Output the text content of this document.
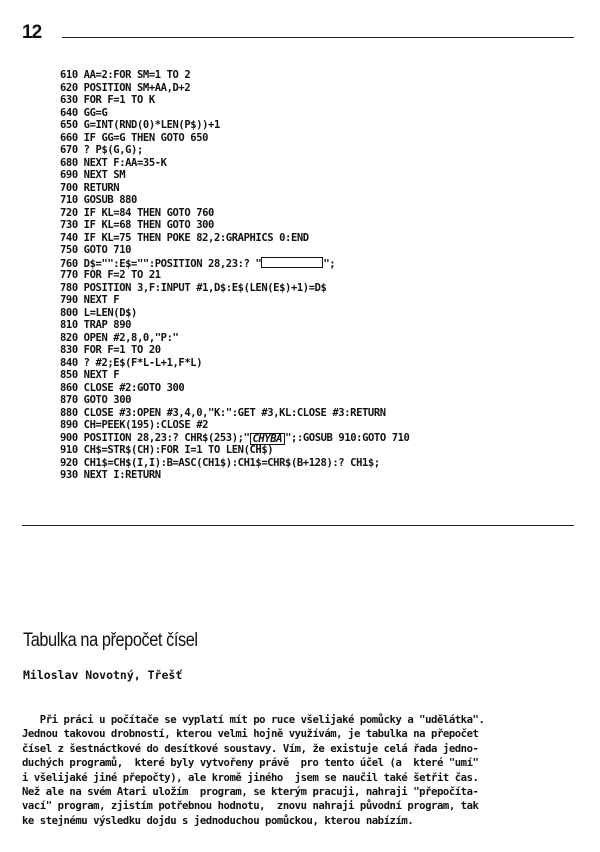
12
610 AA=2:FOR SM=1 TO 2
620 POSITION SM+AA,D+2
630 FOR F=1 TO K
640 GG=G
650 G=INT(RND(0)*LEN(P$))+1
660 IF GG=G THEN GOTO 650
670 ? P$(G,G);
680 NEXT F:AA=35-K
690 NEXT SM
700 RETURN
710 GOSUB 880
720 IF KL=84 THEN GOTO 760
730 IF KL=68 THEN GOTO 300
740 IF KL=75 THEN POKE 82,2:GRAPHICS 0:END
750 GOTO 710
760 D$="":E$="":POSITION 28,23:? "	";
770 FOR F=2 TO 21
780 POSITION 3,F:INPUT #1,D$:E$(LEN(E$)+1)=D$
790 NEXT F
800 L=LEN(D$)
810 TRAP 890
820 OPEN #2,8,0,"P:"
830 FOR F=1 TO 20
840 ? #2;E$(F*L-L+1,F*L)
850 NEXT F
860 CLOSE #2:GOTO 300
870 GOTO 300
880 CLOSE #3:OPEN #3,4,0,"K:":GET #3,KL:CLOSE #3:RETURN
890 CH=PEEK(195):CLOSE #2
900 POSITION 28,23:? CHR$(253);" CHYBA ";:GOSUB 910:GOTO 710
910 CH$=STR$(CH):FOR I=1 TO LEN(CH$)
920 CH1$=CH$(I,I):B=ASC(CH1$):CH1$=CHR$(B+128):? CH1$;
930 NEXT I:RETURN
Tabulka na přepočet čísel
Miloslav Novotný, Třešť
Při práci u počítače se vyplatí mít po ruce všelijaké pomůcky a "udělátka".
Jednou takovou drobností, kterou velmi hojně využívám, je tabulka na přepočet
čísel z šestnáctkové do desítkové soustavy. Vím, že existuje celá řada jedno-
duchých programů,  které byly vytvořeny právě  pro tento účel (a  které "umí"
i všelijaké jiné přepočty), ale kromě jiného  jsem se naučil také šetřit čas.
Než ale na svém Atari uložím  program, se kterým pracuji, nahraji "přepočíta-
vací" program, zjistím potřebnou hodnotu,  znovu nahraji původní program, tak
ke stejnému výsledku dojdu s jednoduchou pomůckou, kterou nabízím.
